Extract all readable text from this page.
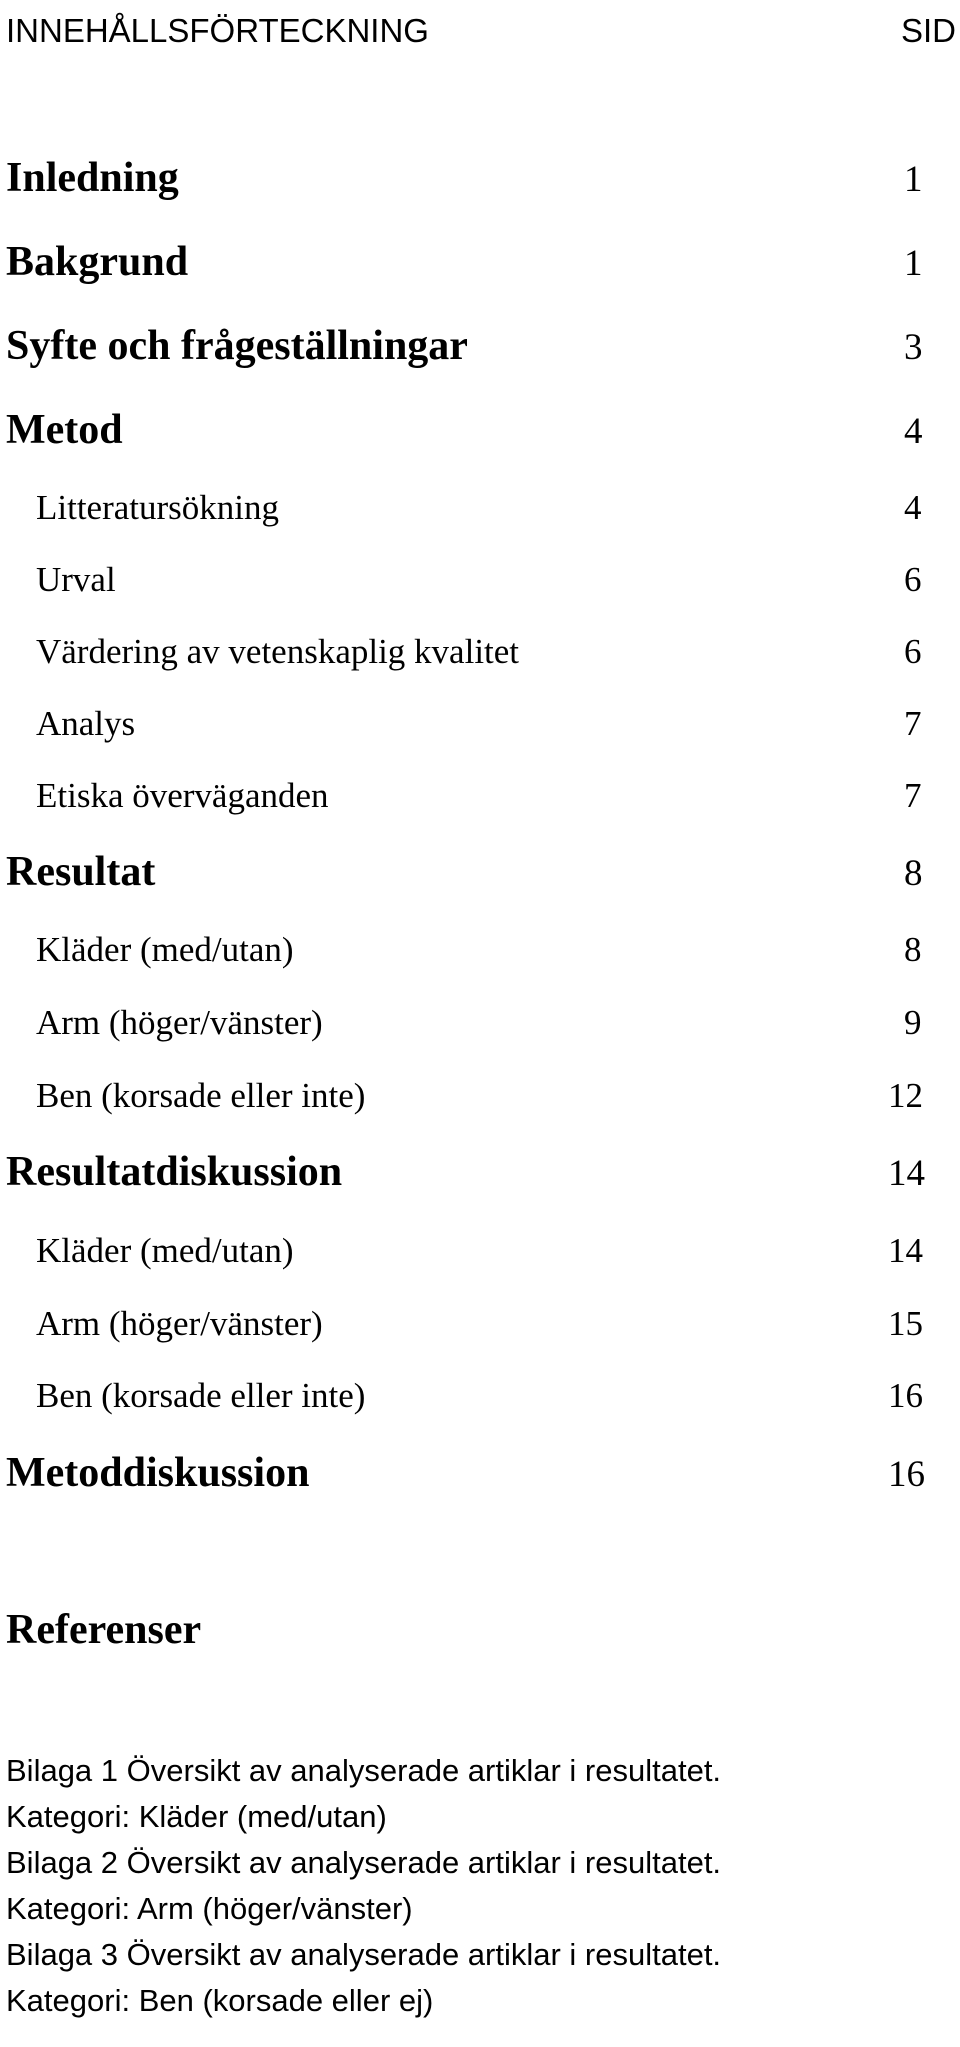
INNEHÅLLSFÖRTECKNING	SID
Inledning	1
Bakgrund	1
Syfte och frågeställningar	3
Metod	4
Litteratursökning	4
Urval	6
Värdering av vetenskaplig kvalitet	6
Analys	7
Etiska överväganden	7
Resultat	8
Kläder (med/utan)	8
Arm (höger/vänster)	9
Ben (korsade eller inte)	12
Resultatdiskussion	14
Kläder (med/utan)	14
Arm (höger/vänster)	15
Ben (korsade eller inte)	16
Metoddiskussion	16
Referenser
Bilaga 1 Översikt av analyserade artiklar i resultatet.
Kategori: Kläder (med/utan)
Bilaga 2 Översikt av analyserade artiklar i resultatet.
Kategori: Arm (höger/vänster)
Bilaga 3 Översikt av analyserade artiklar i resultatet.
Kategori: Ben (korsade eller ej)
